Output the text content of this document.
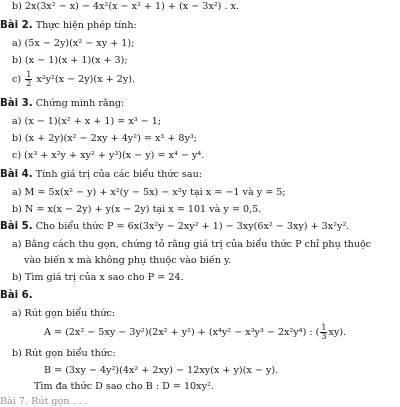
b) 2x(3x² − x) − 4x²(x − x² + 1) + (x − 3x²) . x.
Bài 2. Thực hiện phép tính:
a) (5x − 2y)(x² − xy + 1);
b) (x − 1)(x + 1)(x + 3);
$c) \frac{1}{2} x^2y^2(x - 2y)(x + 2y)$.
Bài 3. Chứng minh rằng:
a) (x − 1)(x² + x + 1) = x³ − 1;
b) (x + 2y)(x² − 2xy + 4y²) = x³ + 8y³;
c) (x³ + x²y + xy² + y³)(x − y) = x⁴ − y⁴.
Bài 4. Tính giá trị của các biểu thức sau:
a) M = 5x(x² − y) + x²(y − 5x) − x²y tại x = −1 và y = 5;
b) N = x(x − 2y) + y(x − 2y) tại x = 101 và y = 0,5.
Bài 5. Cho biểu thức P = 6x(3x²y − 2xy² + 1) − 3xy(6x² − 3xy) + 3x²y².
a) Bằng cách thu gọn, chứng tỏ rằng giá trị của biểu thức P chỉ phụ thuộc
vào biến x mà không phụ thuộc vào biến y.
b) Tìm giá trị của x sao cho P = 24.
Bài 6.
a) Rút gọn biểu thức:
A = (2x² − 5xy − 3y²)(2x² + y²) + (x⁴y² − x³y³ − 2x²y⁴) : ( $\frac{1}{3} xy$).
b) Rút gọn biểu thức:
B = (3xy − 4y²)(4x² + 2xy) − 12xy(x + y)(x − y).
Tìm đa thức D sao cho B : D = 10xy².
Bài 7. Rút gọn . . .
